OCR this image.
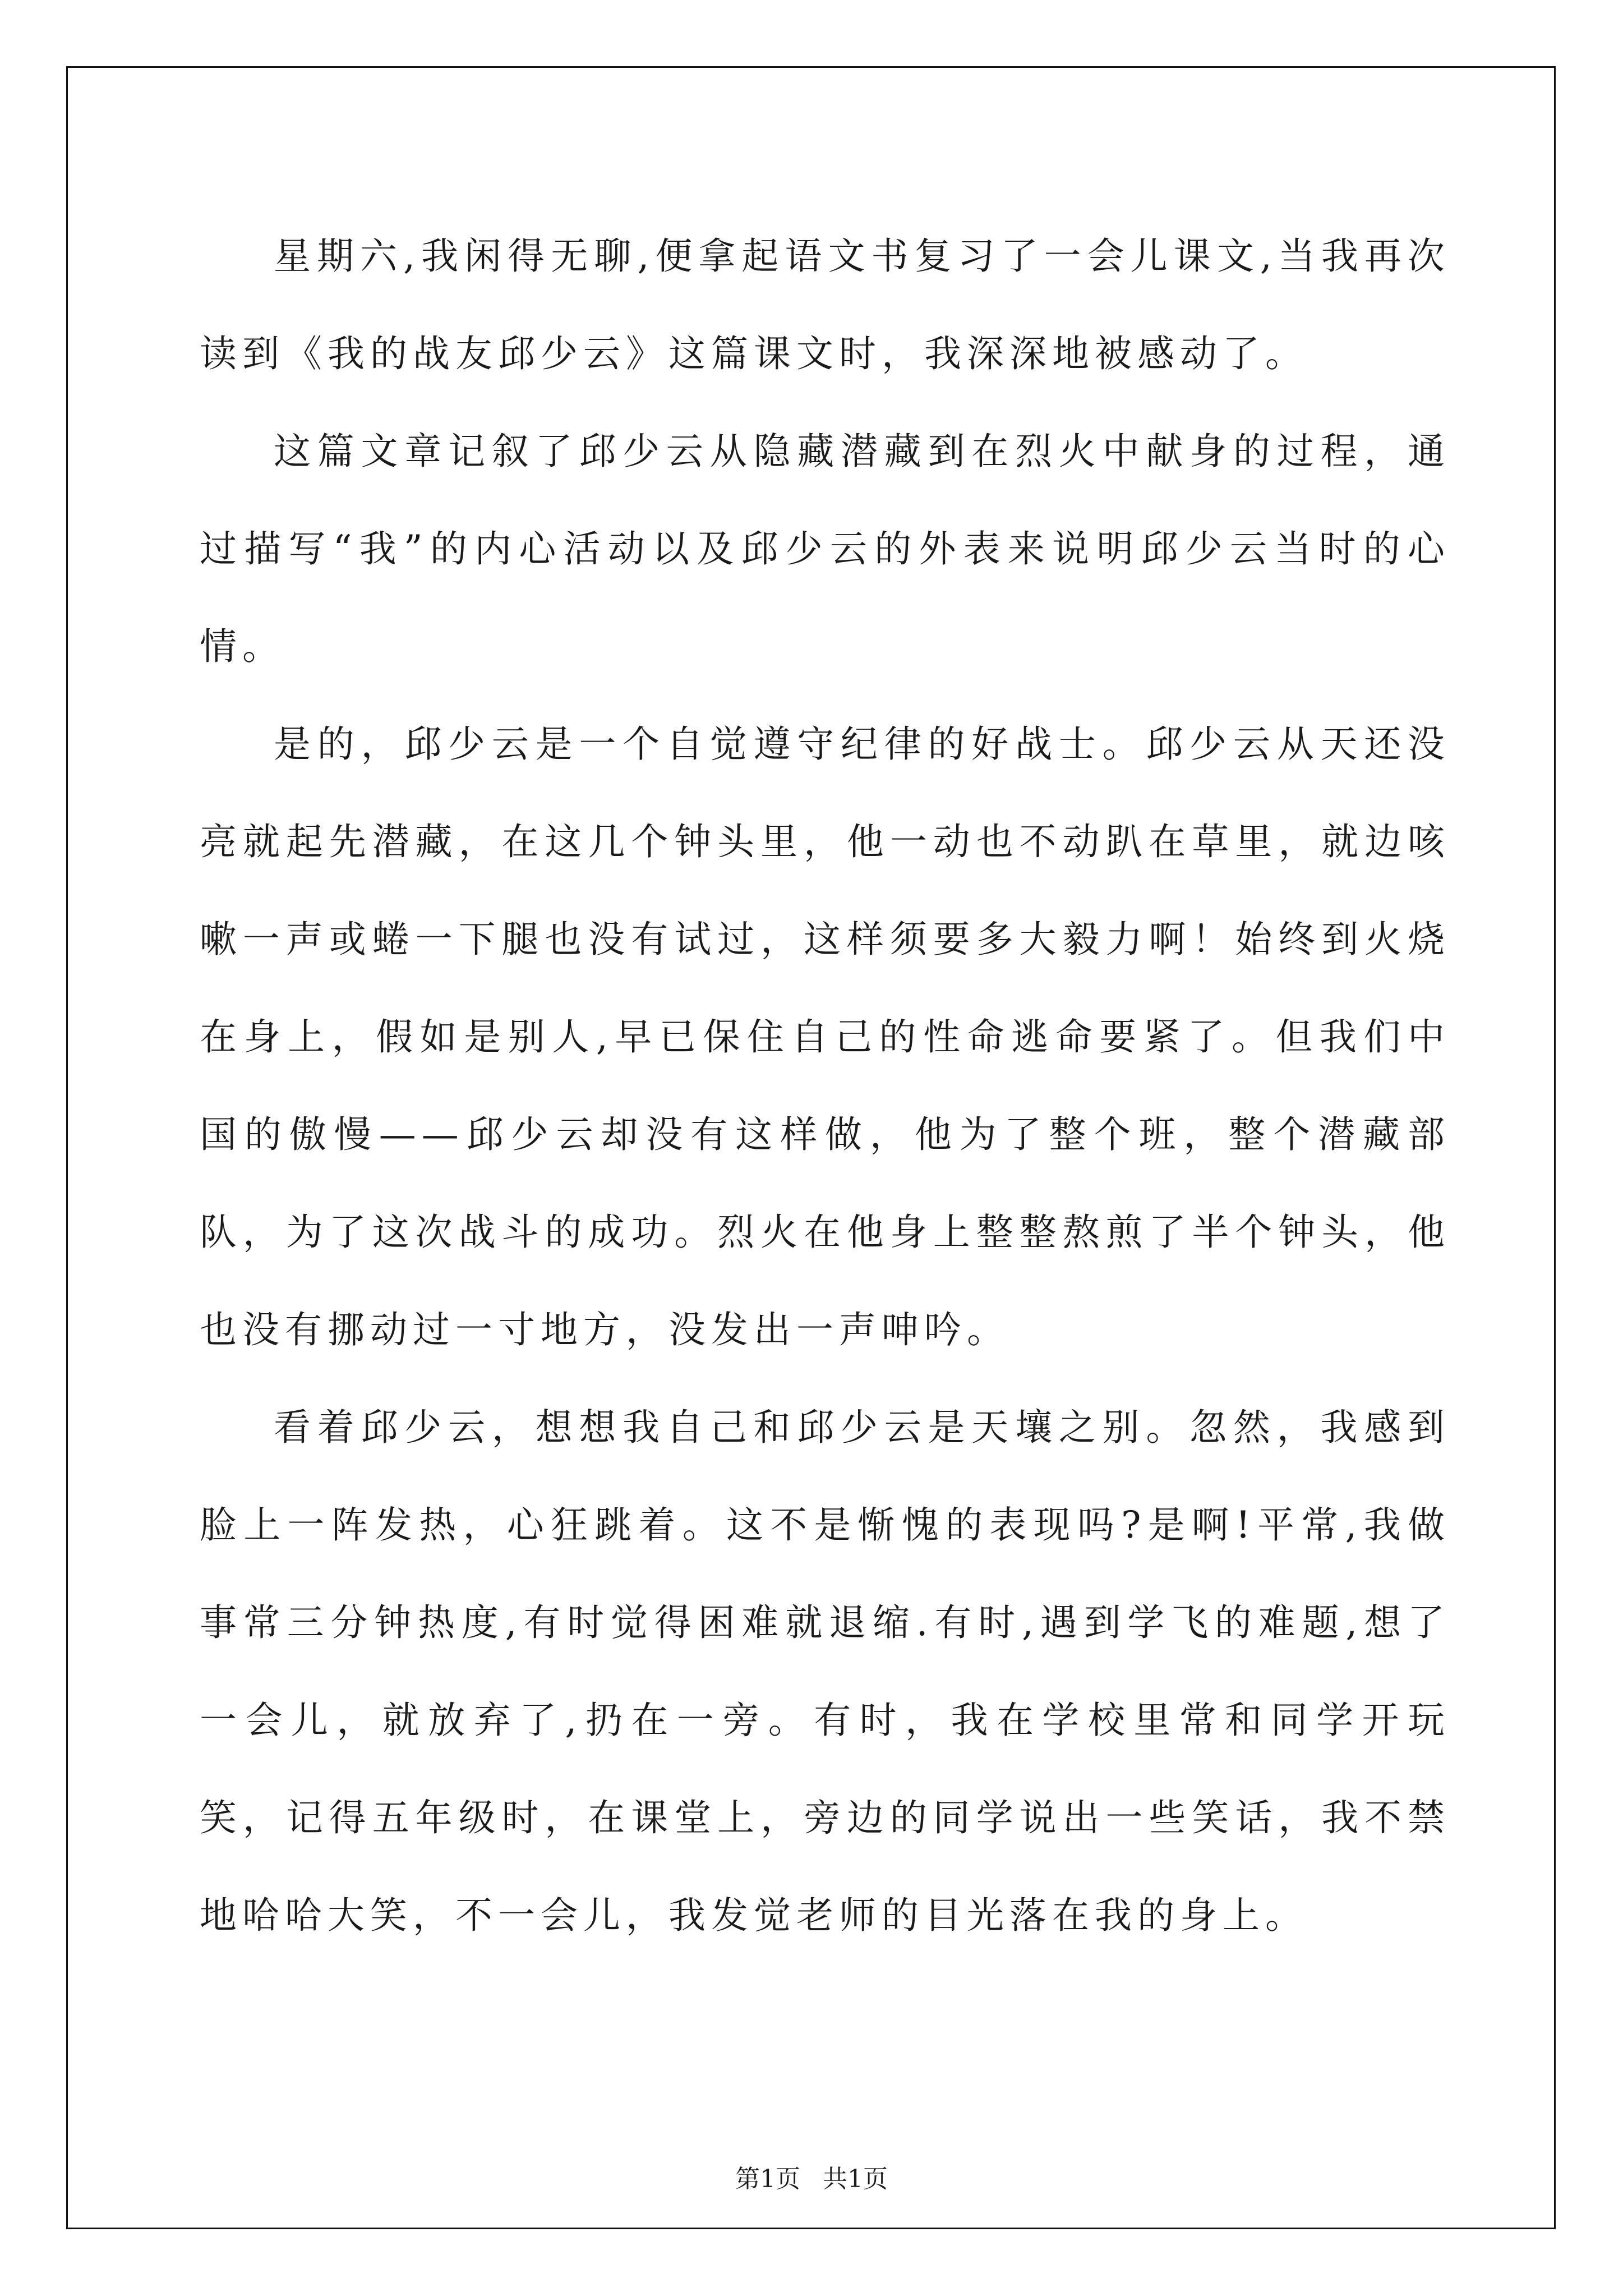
星期六,我闲得无聊,便拿起语文书复习了一会儿课文,当我再次读到《我的战友邱少云》这篇课文时，我深深地被感动了。

这篇文章记叙了邱少云从隐藏潜藏到在烈火中献身的过程，通过描写“我”的内心活动以及邱少云的外表来说明邱少云当时的心情。

是的，邱少云是一个自觉遵守纪律的好战士。邱少云从天还没亮就起先潜藏，在这几个钟头里，他一动也不动趴在草里，就边咳嗽一声或蜷一下腿也没有试过，这样须要多大毅力啊！始终到火烧在身上，假如是别人,早已保住自己的性命逃命要紧了。但我们中国的傲慢——邱少云却没有这样做，他为了整个班，整个潜藏部队，为了这次战斗的成功。烈火在他身上整整熬煎了半个钟头，他也没有挪动过一寸地方，没发出一声呻吟。

看着邱少云，想想我自己和邱少云是天壤之别。忽然，我感到脸上一阵发热，心狂跳着。这不是惭愧的表现吗?是啊!平常,我做事常三分钟热度,有时觉得困难就退缩.有时,遇到学飞的难题,想了一会儿，就放弃了,扔在一旁。有时，我在学校里常和同学开玩笑，记得五年级时，在课堂上，旁边的同学说出一些笑话，我不禁地哈哈大笑，不一会儿，我发觉老师的目光落在我的身上。

第1页 共1页
